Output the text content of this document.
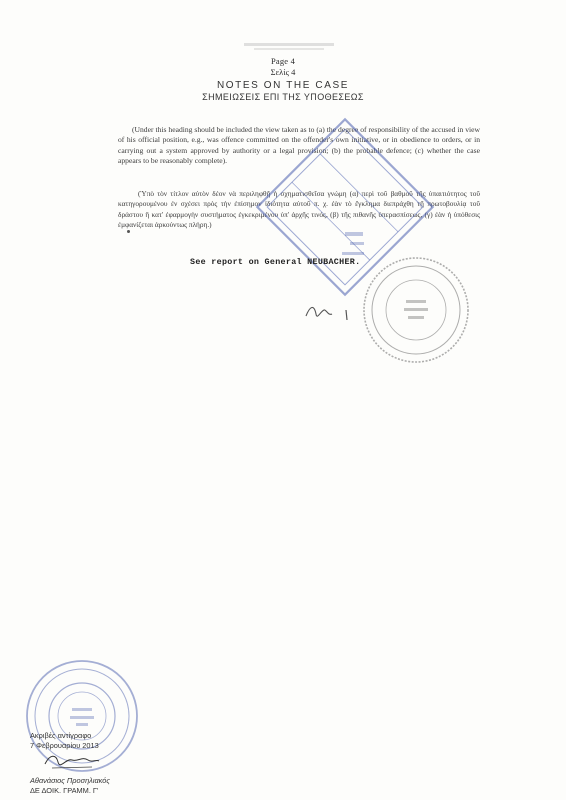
Page 4
Σελίς 4
NOTES ON THE CASE
ΣΗΜΕΙΩΣΕΙΣ ΕΠΙ ΤΗΣ ΥΠΟΘΕΣΕΩΣ
(Under this heading should be included the view taken as to (a) the degree of responsibility of the accused in view of his official position, e.g., was offence committed on the offender's own initiative, or in obedience to orders, or in carrying out a system approved by authority or a legal provision; (b) the probable defence; (c) whether the case appears to be reasonably complete).
(Ὑπὸ τὸν τίτλον αὐτὸν δέον νὰ περιληφθῇ ἡ σχηματισθεῖσα γνώμη (α) περὶ τοῦ βαθμοῦ τῆς ὑπαιτιότητος τοῦ κατηγορουμένου ἐν σχέσει πρὸς τὴν ἐπίσημον ἰδιότητα αὐτοῦ π. χ. ἐὰν τὸ ἔγκλημα διεπράχθη τῇ πρωτοβουλίᾳ τοῦ δράστου ἢ κατ' ἐφαρμογὴν συστήματος ἐγκεκριμένου ὑπ' ἀρχῆς τινός, (β) τῆς πιθανῆς ὑπερασπίσεως, (γ) ἐὰν ἡ ὑπόθεσις ἐμφανίζεται ἀρκούντως πλήρη.)
See report on General NEUBACHER.
Ακριβές αντίγραφο
7 Φεβρουαρίου 2013
Αθανάσιος Προσηλιακός
ΔΕ ΔΟΙΚ. ΓΡΑΜΜ. Γ'
